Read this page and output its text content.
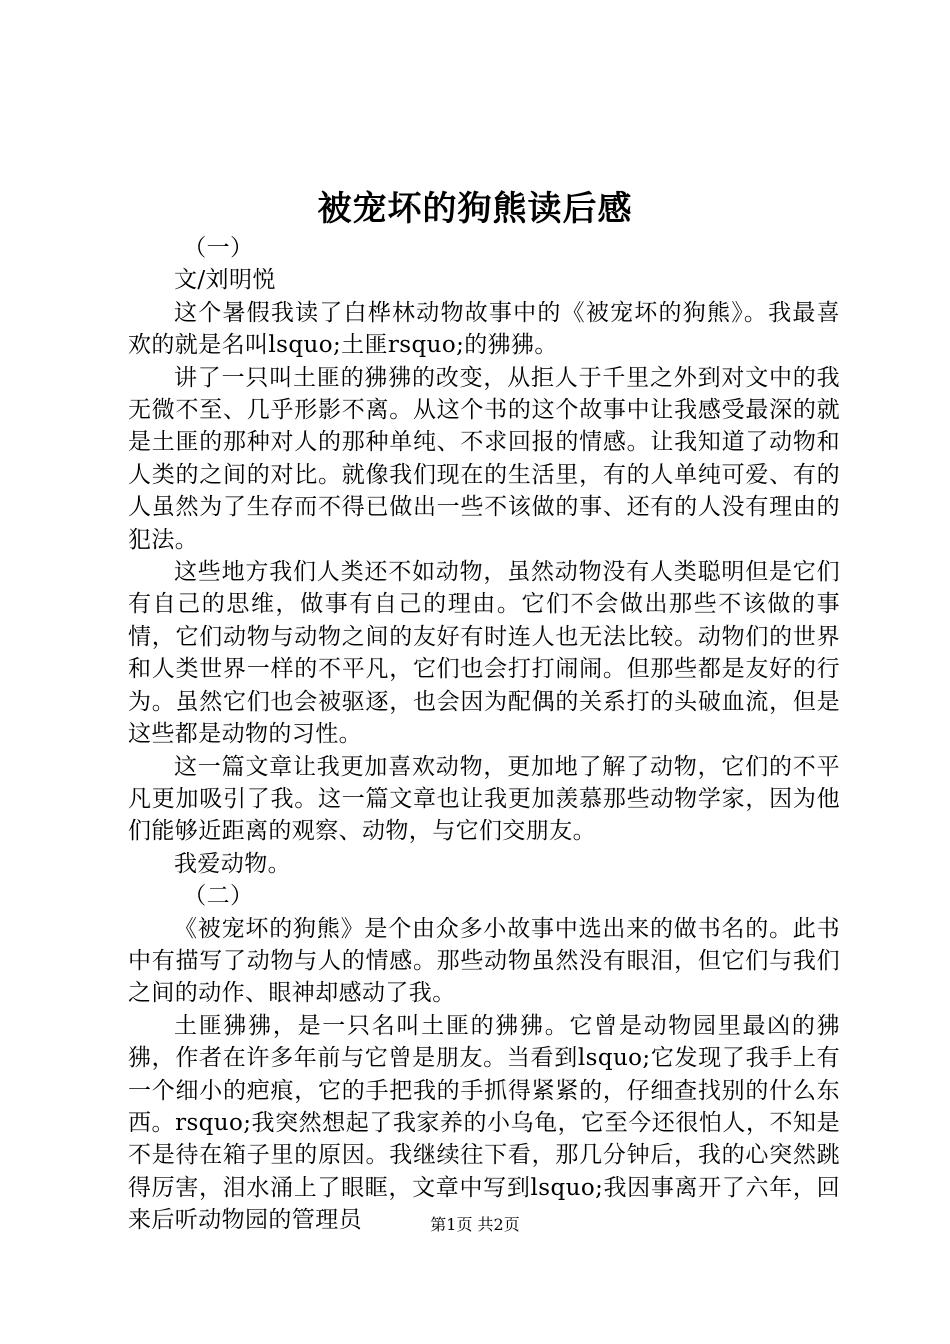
被宠坏的狗熊读后感

（一）

文/刘明悦

这个暑假我读了白桦林动物故事中的《被宠坏的狗熊》。我最喜欢的就是名叫lsquo;土匪rsquo;的狒狒。

讲了一只叫土匪的狒狒的改变，从拒人于千里之外到对文中的我无微不至、几乎形影不离。从这个书的这个故事中让我感受最深的就是土匪的那种对人的那种单纯、不求回报的情感。让我知道了动物和人类的之间的对比。就像我们现在的生活里，有的人单纯可爱、有的人虽然为了生存而不得已做出一些不该做的事、还有的人没有理由的犯法。

这些地方我们人类还不如动物，虽然动物没有人类聪明但是它们有自己的思维，做事有自己的理由。它们不会做出那些不该做的事情，它们动物与动物之间的友好有时连人也无法比较。动物们的世界和人类世界一样的不平凡，它们也会打打闹闹。但那些都是友好的行为。虽然它们也会被驱逐，也会因为配偶的关系打的头破血流，但是这些都是动物的习性。

这一篇文章让我更加喜欢动物，更加地了解了动物，它们的不平凡更加吸引了我。这一篇文章也让我更加羡慕那些动物学家，因为他们能够近距离的观察、动物，与它们交朋友。

我爱动物。

（二）

《被宠坏的狗熊》是个由众多小故事中选出来的做书名的。此书中有描写了动物与人的情感。那些动物虽然没有眼泪，但它们与我们之间的动作、眼神却感动了我。

土匪狒狒，是一只名叫土匪的狒狒。它曾是动物园里最凶的狒狒，作者在许多年前与它曾是朋友。当看到lsquo;它发现了我手上有一个细小的疤痕，它的手把我的手抓得紧紧的，仔细查找别的什么东西。rsquo;我突然想起了我家养的小乌龟，它至今还很怕人，不知是不是待在箱子里的原因。我继续往下看，那几分钟后，我的心突然跳得厉害，泪水涌上了眼眶，文章中写到lsquo;我因事离开了六年，回来后听动物园的管理员	第1页 共2页
